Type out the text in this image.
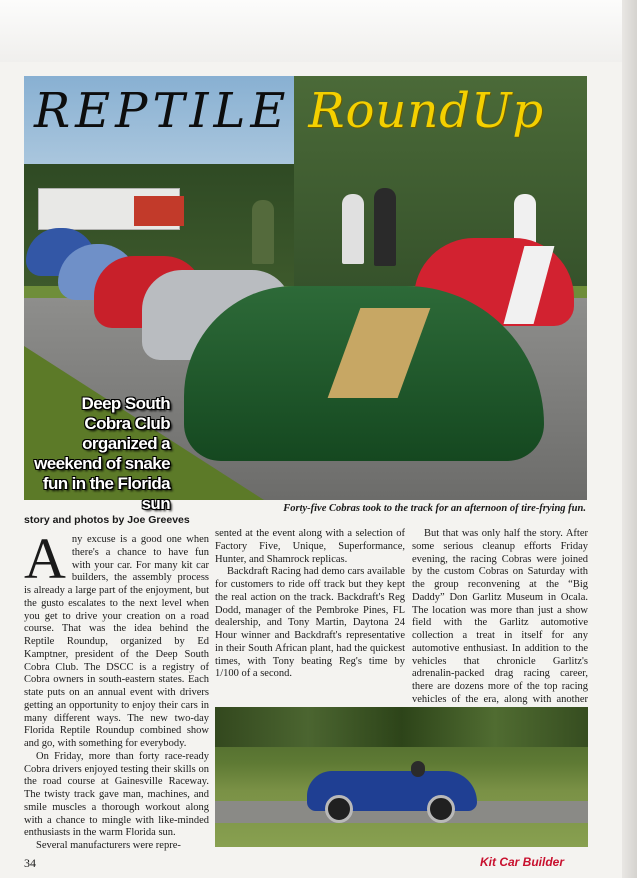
REPTILE RoundUp
Deep South Cobra Club organized a weekend of snake fun in the Florida sun	Forty-five Cobras took to the track for an afternoon of tire-frying fun.
story and photos by Joe Greeves

Any excuse is a good one when there's a chance to have fun with your car. For many kit car builders, the assembly process is already a large part of the enjoyment, but the gusto escalates to the next level when you get to drive your creation on a road course. That was the idea behind the Reptile Roundup, organized by Ed Kamptner, president of the Deep South Cobra Club. The DSCC is a registry of Cobra owners in south-eastern states. Each state puts on an annual event with drivers getting an opportunity to enjoy their cars in many different ways. The new two-day Florida Reptile Roundup combined show and go, with something for everybody.

On Friday, more than forty race-ready Cobra drivers enjoyed testing their skills on the road course at Gainesville Raceway. The twisty track gave man, machines, and smile muscles a thorough workout along with a chance to mingle with like-minded enthusiasts in the warm Florida sun.

Several manufacturers were repre-

sented at the event along with a selection of Factory Five, Unique, Superformance, Hunter, and Shamrock replicas.

Backdraft Racing had demo cars available for customers to ride off track but they kept the real action on the track. Backdraft's Reg Dodd, manager of the Pembroke Pines, FL dealership, and Tony Martin, Daytona 24 Hour winner and Backdraft's representative in their South African plant, had the quickest times, with Tony beating Reg's time by 1/100 of a second.

But that was only half the story. After some serious cleanup efforts Friday evening, the racing Cobras were joined by the custom Cobras on Saturday with the group reconvening at the “Big Daddy” Don Garlitz Museum in Ocala. The location was more than just a show field with the Garlitz automotive collection a treat in itself for any automotive enthusiast. In addition to the vehicles that chronicle Garlitz's adrenalin-packed drag racing career, there are dozens more of the top racing vehicles of the era, along with another

34	Kit Car Builder
